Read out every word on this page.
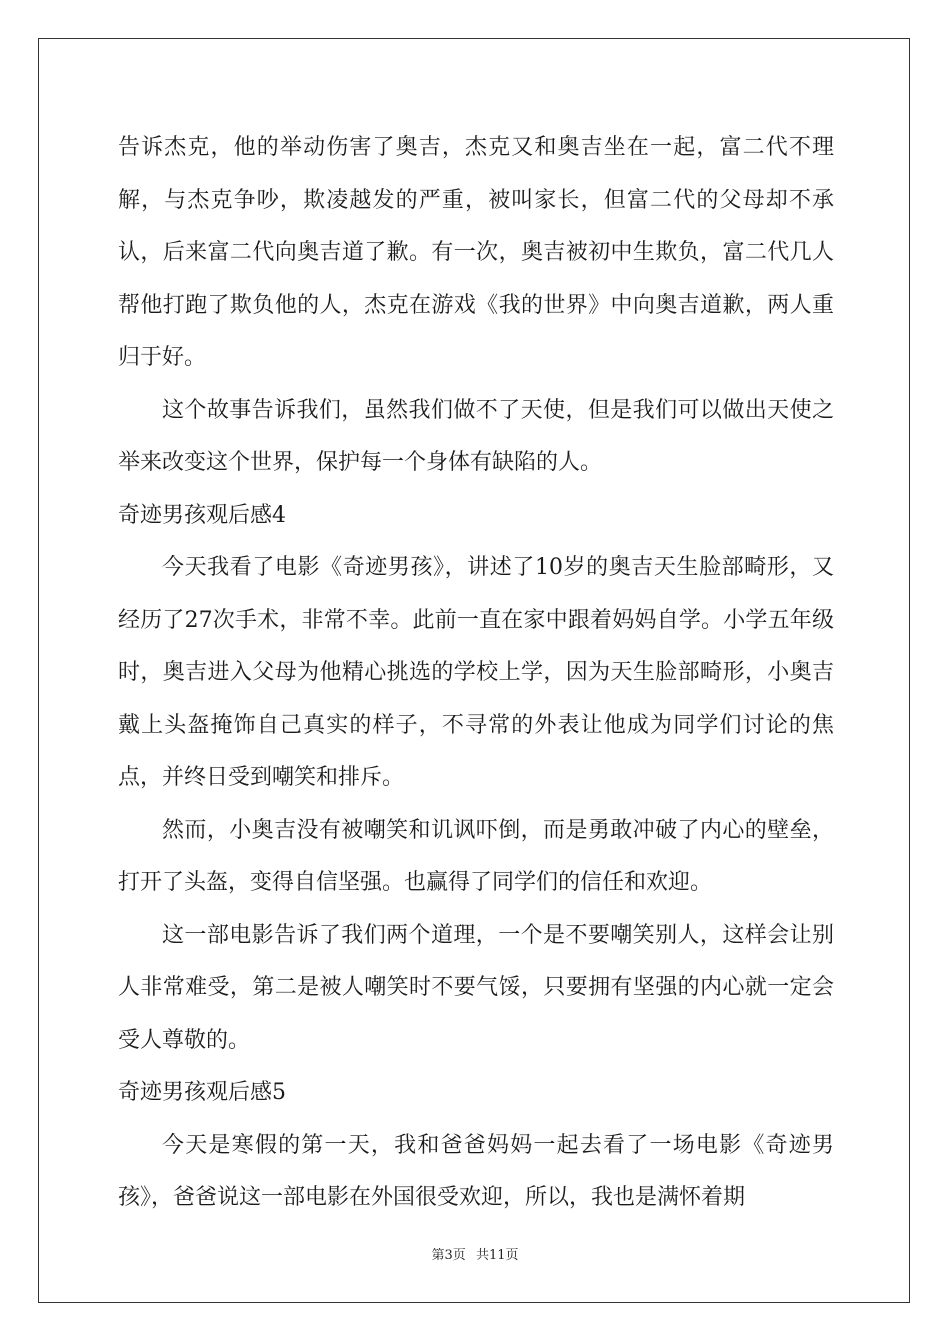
告诉杰克，他的举动伤害了奥吉，杰克又和奥吉坐在一起，富二代不理解，与杰克争吵，欺凌越发的严重，被叫家长，但富二代的父母却不承认，后来富二代向奥吉道了歉。有一次，奥吉被初中生欺负，富二代几人帮他打跑了欺负他的人，杰克在游戏《我的世界》中向奥吉道歉，两人重归于好。

这个故事告诉我们，虽然我们做不了天使，但是我们可以做出天使之举来改变这个世界，保护每一个身体有缺陷的人。

奇迹男孩观后感4

今天我看了电影《奇迹男孩》，讲述了10岁的奥吉天生脸部畸形，又经历了27次手术，非常不幸。此前一直在家中跟着妈妈自学。小学五年级时，奥吉进入父母为他精心挑选的学校上学，因为天生脸部畸形，小奥吉戴上头盔掩饰自己真实的样子，不寻常的外表让他成为同学们讨论的焦点，并终日受到嘲笑和排斥。

然而，小奥吉没有被嘲笑和讥讽吓倒，而是勇敢冲破了内心的壁垒，打开了头盔，变得自信坚强。也赢得了同学们的信任和欢迎。

这一部电影告诉了我们两个道理，一个是不要嘲笑别人，这样会让别人非常难受，第二是被人嘲笑时不要气馁，只要拥有坚强的内心就一定会受人尊敬的。

奇迹男孩观后感5

今天是寒假的第一天，我和爸爸妈妈一起去看了一场电影《奇迹男孩》，爸爸说这一部电影在外国很受欢迎，所以，我也是满怀着期

第3页 共11页
